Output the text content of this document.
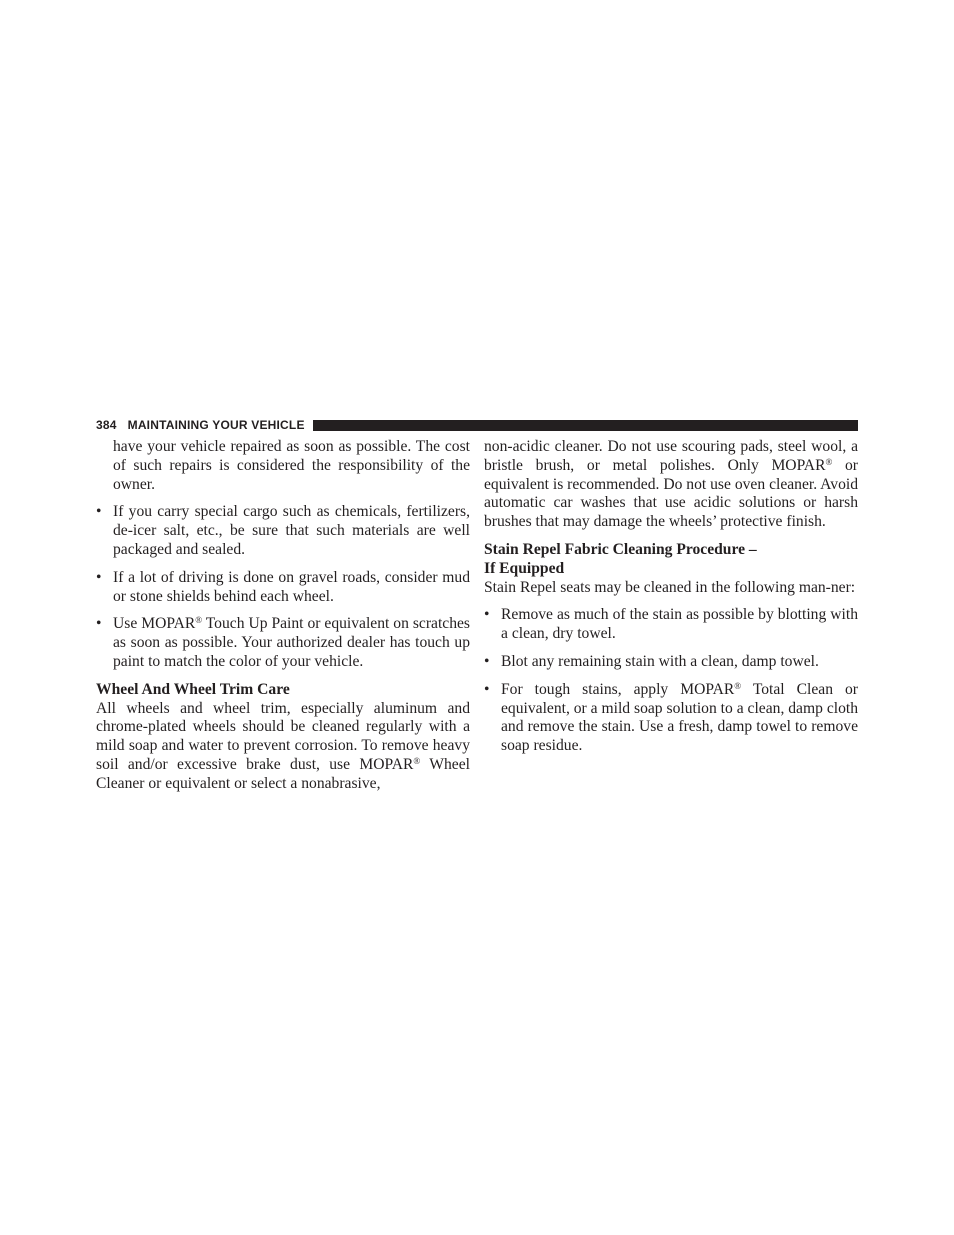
384 MAINTAINING YOUR VEHICLE

have your vehicle repaired as soon as possible. The cost of such repairs is considered the responsibility of the owner.

• If you carry special cargo such as chemicals, fertilizers, de-icer salt, etc., be sure that such materials are well packaged and sealed.
• If a lot of driving is done on gravel roads, consider mud or stone shields behind each wheel.
• Use MOPAR® Touch Up Paint or equivalent on scratches as soon as possible. Your authorized dealer has touch up paint to match the color of your vehicle.
Wheel And Wheel Trim Care

All wheels and wheel trim, especially aluminum and chrome-plated wheels should be cleaned regularly with a mild soap and water to prevent corrosion. To remove heavy soil and/or excessive brake dust, use MOPAR® Wheel Cleaner or equivalent or select a nonabrasive,

non-acidic cleaner. Do not use scouring pads, steel wool, a bristle brush, or metal polishes. Only MOPAR® or equivalent is recommended. Do not use oven cleaner. Avoid automatic car washes that use acidic solutions or harsh brushes that may damage the wheels’ protective finish.

Stain Repel Fabric Cleaning Procedure –
If Equipped

Stain Repel seats may be cleaned in the following man-ner:

• Remove as much of the stain as possible by blotting with a clean, dry towel.
• Blot any remaining stain with a clean, damp towel.
• For tough stains, apply MOPAR® Total Clean or equivalent, or a mild soap solution to a clean, damp cloth and remove the stain. Use a fresh, damp towel to remove soap residue.
